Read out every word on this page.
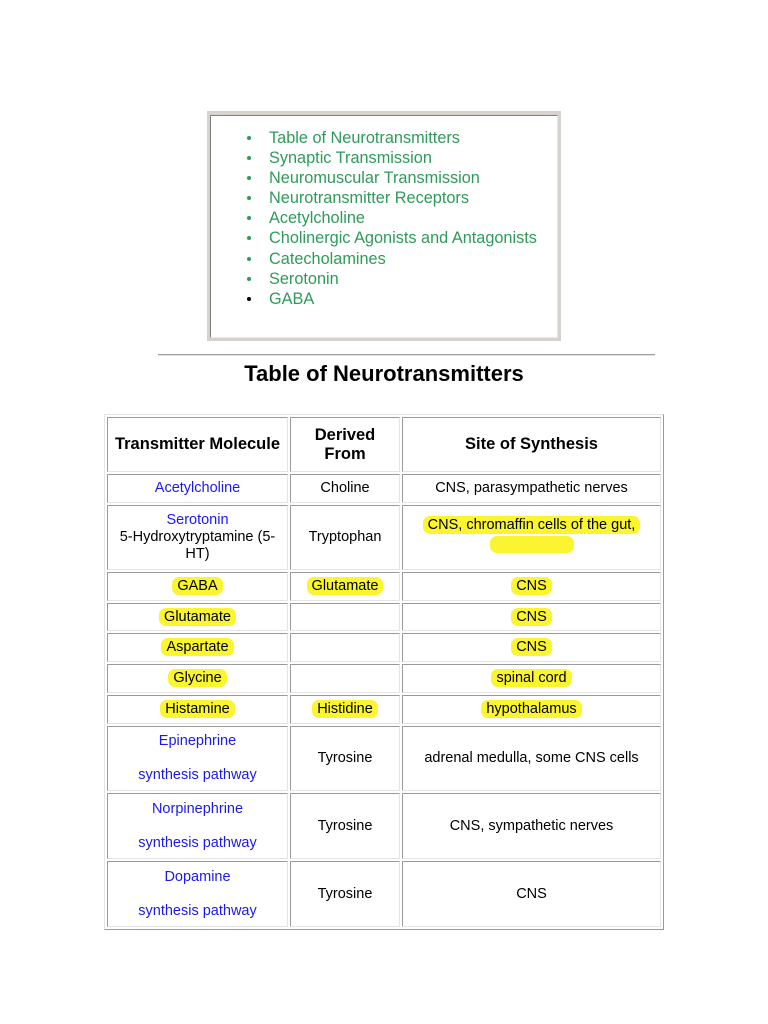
Table of Neurotransmitters
Synaptic Transmission
Neuromuscular Transmission
Neurotransmitter Receptors
Acetylcholine
Cholinergic Agonists and Antagonists
Catecholamines
Serotonin
GABA
Table of Neurotransmitters
Transmitter Molecule	Derived From	Site of Synthesis
Acetylcholine	Choline	CNS, parasympathetic nerves

Serotonin
5-Hydroxytryptamine (5-HT)	Tryptophan	CNS, chromaffin cells of the gut,

GABA	Glutamate	CNS
Glutamate		CNS
Aspartate		CNS
Glycine		spinal cord
Histamine	Histidine	hypothalamus

Epinephrine
synthesis pathway	Tyrosine	adrenal medulla, some CNS cells

Norpinephrine
synthesis pathway	Tyrosine	CNS, sympathetic nerves

Dopamine
synthesis pathway	Tyrosine	CNS
